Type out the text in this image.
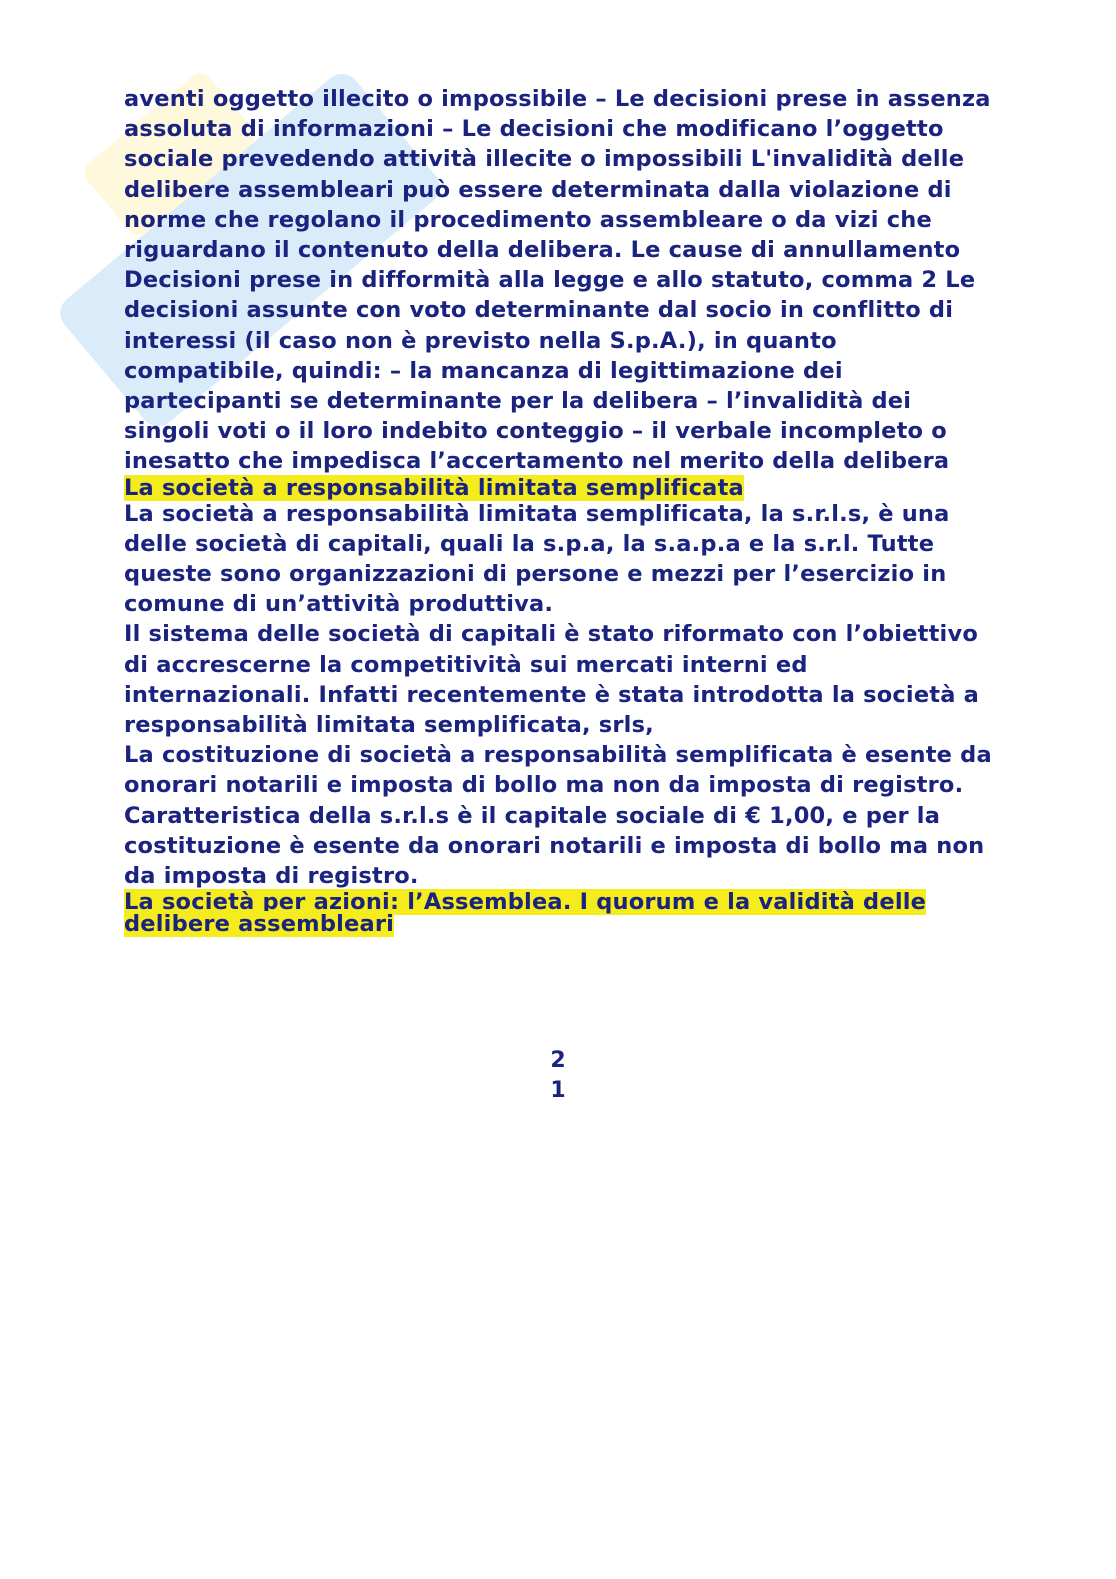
aventi oggetto illecito o impossibile – Le decisioni prese in assenza assoluta di informazioni – Le decisioni che modificano l’oggetto sociale prevedendo attività illecite o impossibili L'invalidità delle delibere assembleari può essere determinata dalla violazione di norme che regolano il procedimento assembleare o da vizi che riguardano il contenuto della delibera. Le cause di annullamento Decisioni prese in difformità alla legge e allo statuto, comma 2 Le decisioni assunte con voto determinante dal socio in conflitto di interessi (il caso non è previsto nella S.p.A.), in quanto compatibile, quindi: – la mancanza di legittimazione dei partecipanti se determinante per la delibera – l’invalidità dei singoli voti o il loro indebito conteggio – il verbale incompleto o inesatto che impedisca l’accertamento nel merito della delibera

La società a responsabilità limitata semplificata

La società a responsabilità limitata semplificata, la s.r.l.s, è una delle società di capitali, quali la s.p.a, la s.a.p.a e la s.r.l. Tutte queste sono organizzazioni di persone e mezzi per l’esercizio in comune di un’attività produttiva.

Il sistema delle società di capitali è stato riformato con l’obiettivo di accrescerne la competitività sui mercati interni ed internazionali. Infatti recentemente è stata introdotta la società a responsabilità limitata semplificata, srls,

La costituzione di società a responsabilità semplificata è esente da onorari notarili e imposta di bollo ma non da imposta di registro. Caratteristica della s.r.l.s è il capitale sociale di € 1,00, e per la costituzione è esente da onorari notarili e imposta di bollo ma non da imposta di registro.

La società per azioni: l’Assemblea. I quorum e la validità delle delibere assembleari

2
1
